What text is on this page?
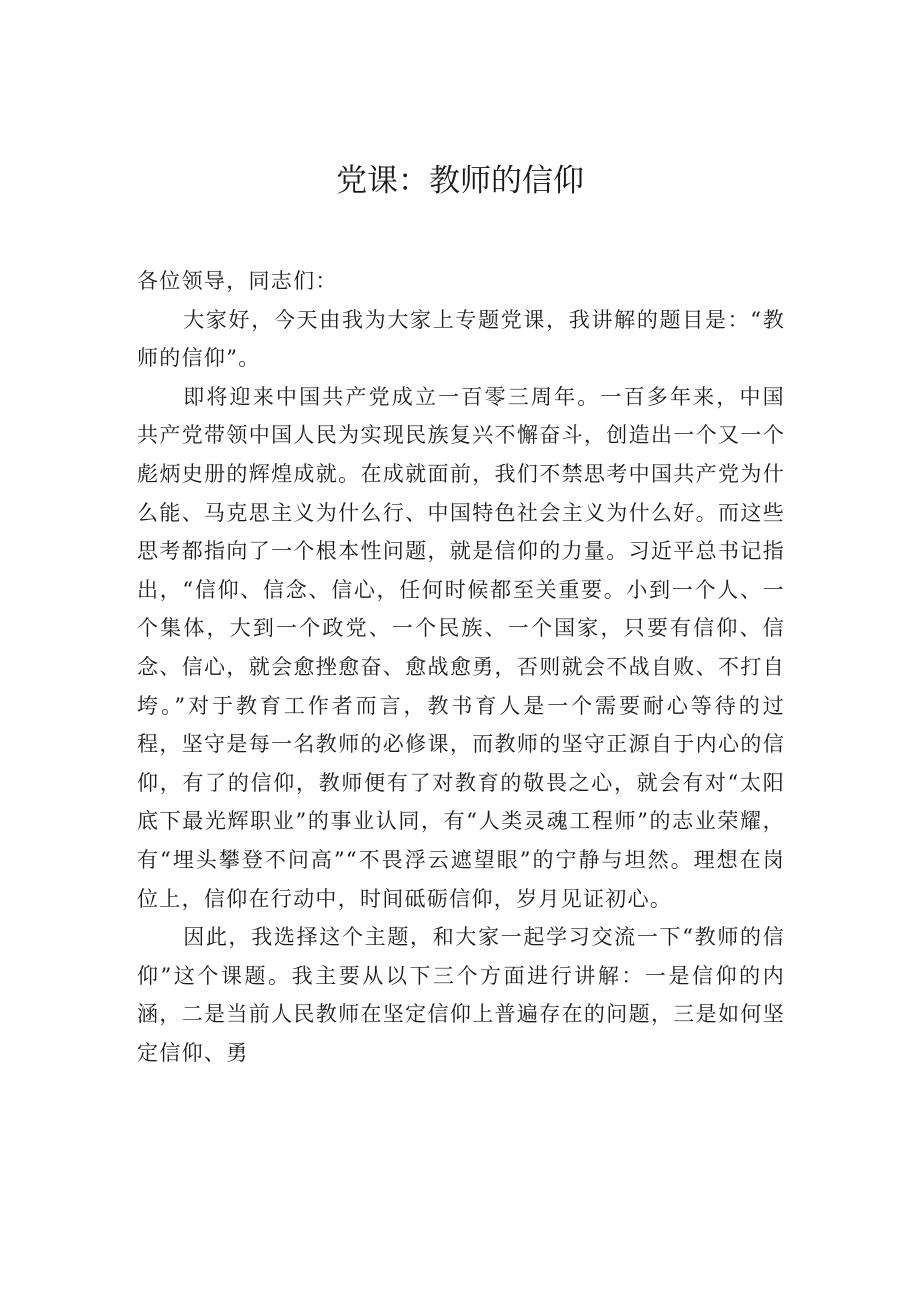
党课：教师的信仰

各位领导，同志们：

大家好，今天由我为大家上专题党课，我讲解的题目是：“教师的信仰”。

即将迎来中国共产党成立一百零三周年。一百多年来，中国共产党带领中国人民为实现民族复兴不懈奋斗，创造出一个又一个彪炳史册的辉煌成就。在成就面前，我们不禁思考中国共产党为什么能、马克思主义为什么行、中国特色社会主义为什么好。而这些思考都指向了一个根本性问题，就是信仰的力量。习近平总书记指出，“信仰、信念、信心，任何时候都至关重要。小到一个人、一个集体，大到一个政党、一个民族、一个国家，只要有信仰、信念、信心，就会愈挫愈奋、愈战愈勇，否则就会不战自败、不打自垮。”对于教育工作者而言，教书育人是一个需要耐心等待的过程，坚守是每一名教师的必修课，而教师的坚守正源自于内心的信仰，有了的信仰，教师便有了对教育的敬畏之心，就会有对“太阳底下最光辉职业”的事业认同，有“人类灵魂工程师”的志业荣耀，有“埋头攀登不问高”“不畏浮云遮望眼”的宁静与坦然。理想在岗位上，信仰在行动中，时间砥砺信仰，岁月见证初心。

因此，我选择这个主题，和大家一起学习交流一下“教师的信仰”这个课题。我主要从以下三个方面进行讲解：一是信仰的内涵，二是当前人民教师在坚定信仰上普遍存在的问题，三是如何坚定信仰、勇
